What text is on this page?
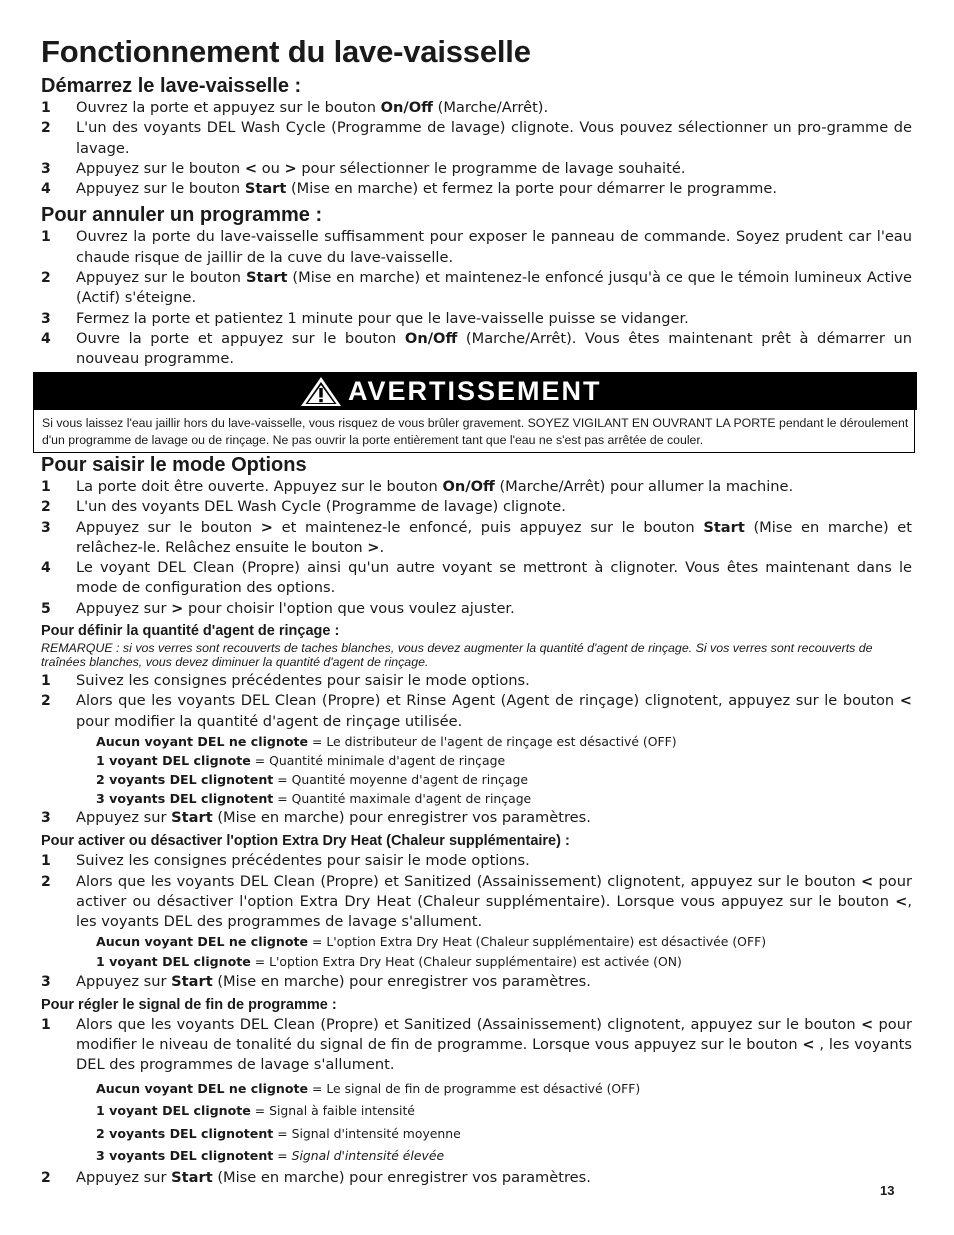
Fonctionnement du lave-vaisselle
Démarrez le lave-vaisselle :
1 Ouvrez la porte et appuyez sur le bouton On/Off (Marche/Arrêt).
2 L'un des voyants DEL Wash Cycle (Programme de lavage) clignote. Vous pouvez sélectionner un pro-gramme de lavage.
3 Appuyez sur le bouton < ou > pour sélectionner le programme de lavage souhaité.
4 Appuyez sur le bouton Start (Mise en marche) et fermez la porte pour démarrer le programme.
Pour annuler un programme :
1 Ouvrez la porte du lave-vaisselle suffisamment pour exposer le panneau de commande. Soyez prudent car l'eau chaude risque de jaillir de la cuve du lave-vaisselle.
2 Appuyez sur le bouton Start (Mise en marche) et maintenez-le enfoncé jusqu'à ce que le témoin lumineux Active (Actif) s'éteigne.
3 Fermez la porte et patientez 1 minute pour que le lave-vaisselle puisse se vidanger.
4 Ouvre la porte et appuyez sur le bouton On/Off (Marche/Arrêt). Vous êtes maintenant prêt à démarrer un nouveau programme.
AVERTISSEMENT
Si vous laissez l'eau jaillir hors du lave-vaisselle, vous risquez de vous brûler gravement. SOYEZ VIGILANT EN OUVRANT LA PORTE pendant le déroulement d'un programme de lavage ou de rinçage. Ne pas ouvrir la porte entièrement tant que l'eau ne s'est pas arrêtée de couler.
Pour saisir le mode Options
1 La porte doit être ouverte. Appuyez sur le bouton On/Off (Marche/Arrêt) pour allumer la machine.
2 L'un des voyants DEL Wash Cycle (Programme de lavage) clignote.
3 Appuyez sur le bouton > et maintenez-le enfoncé, puis appuyez sur le bouton Start (Mise en marche) et relâchez-le. Relâchez ensuite le bouton >.
4 Le voyant DEL Clean (Propre) ainsi qu'un autre voyant se mettront à clignoter. Vous êtes maintenant dans le mode de configuration des options.
5 Appuyez sur > pour choisir l'option que vous voulez ajuster.
Pour définir la quantité d'agent de rinçage :
REMARQUE : si vos verres sont recouverts de taches blanches, vous devez augmenter la quantité d'agent de rinçage. Si vos verres sont recouverts de traînées blanches, vous devez diminuer la quantité d'agent de rinçage.
1 Suivez les consignes précédentes pour saisir le mode options.
2 Alors que les voyants DEL Clean (Propre) et Rinse Agent (Agent de rinçage) clignotent, appuyez sur le bouton < pour modifier la quantité d'agent de rinçage utilisée.
Aucun voyant DEL ne clignote = Le distributeur de l'agent de rinçage est désactivé (OFF)
1 voyant DEL clignote = Quantité minimale d'agent de rinçage
2 voyants DEL clignotent = Quantité moyenne d'agent de rinçage
3 voyants DEL clignotent = Quantité maximale d'agent de rinçage
3 Appuyez sur Start (Mise en marche) pour enregistrer vos paramètres.
Pour activer ou désactiver l'option Extra Dry Heat (Chaleur supplémentaire) :
1 Suivez les consignes précédentes pour saisir le mode options.
2 Alors que les voyants DEL Clean (Propre) et Sanitized (Assainissement) clignotent, appuyez sur le bouton < pour activer ou désactiver l'option Extra Dry Heat (Chaleur supplémentaire). Lorsque vous appuyez sur le bouton <, les voyants DEL des programmes de lavage s'allument.
Aucun voyant DEL ne clignote = L'option Extra Dry Heat (Chaleur supplémentaire) est désactivée (OFF)
1 voyant DEL clignote = L'option Extra Dry Heat (Chaleur supplémentaire) est activée (ON)
3 Appuyez sur Start (Mise en marche) pour enregistrer vos paramètres.
Pour régler le signal de fin de programme :
1 Alors que les voyants DEL Clean (Propre) et Sanitized (Assainissement) clignotent, appuyez sur le bouton < pour modifier le niveau de tonalité du signal de fin de programme. Lorsque vous appuyez sur le bouton < , les voyants DEL des programmes de lavage s'allument.
Aucun voyant DEL ne clignote = Le signal de fin de programme est désactivé (OFF)
1 voyant DEL clignote = Signal à faible intensité
2 voyants DEL clignotent = Signal d'intensité moyenne
3 voyants DEL clignotent = Signal d'intensité élevée
2 Appuyez sur Start (Mise en marche) pour enregistrer vos paramètres.
13
